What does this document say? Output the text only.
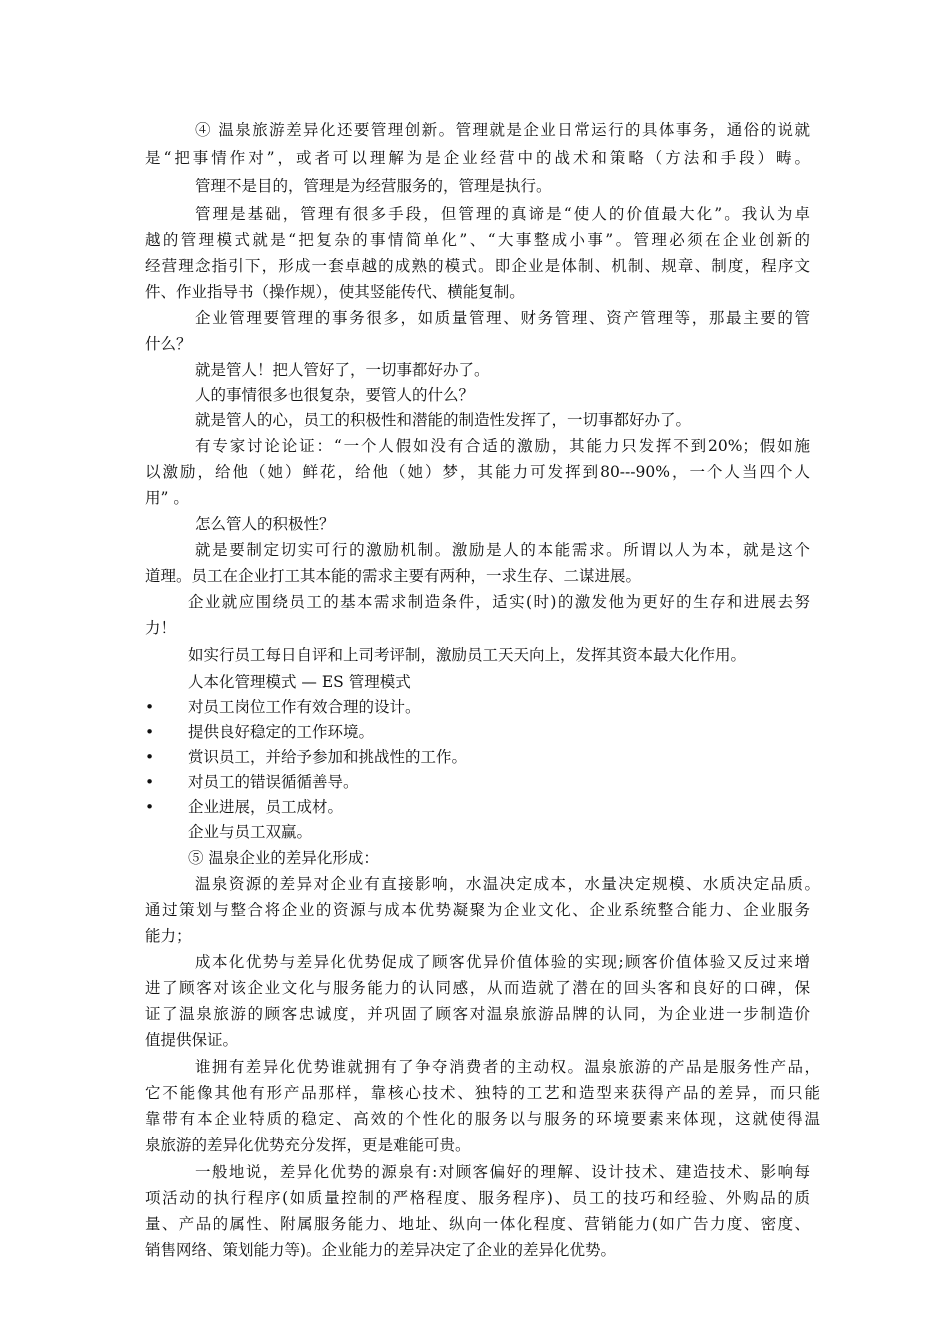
④ 温泉旅游差异化还要管理创新。管理就是企业日常运行的具体事务，通俗的说就
是“把事情作对”，或者可以理解为是企业经营中的战术和策略（方法和手段）畴。
管理不是目的，管理是为经营服务的，管理是执行。
管理是基础，管理有很多手段，但管理的真谛是“使人的价值最大化”。我认为卓
越的管理模式就是“把复杂的事情简单化”、“大事整成小事”。管理必须在企业创新的
经营理念指引下，形成一套卓越的成熟的模式。即企业是体制、机制、规章、制度，程序文
件、作业指导书（操作规），使其竖能传代、横能复制。
企业管理要管理的事务很多，如质量管理、财务管理、资产管理等，那最主要的管
什么？
就是管人！把人管好了，一切事都好办了。
人的事情很多也很复杂，要管人的什么？
就是管人的心，员工的积极性和潜能的制造性发挥了，一切事都好办了。
有专家讨论论证：“一个人假如没有合适的激励，其能力只发挥不到20%；假如施
以激励，给他（她）鲜花，给他（她）梦，其能力可发挥到80---90%，一个人当四个人
用” 。
怎么管人的积极性？
就是要制定切实可行的激励机制。激励是人的本能需求。所谓以人为本，就是这个
道理。员工在企业打工其本能的需求主要有两种，一求生存、二谋进展。
企业就应围绕员工的基本需求制造条件，适实(时)的激发他为更好的生存和进展去努
力！
如实行员工每日自评和上司考评制，激励员工天天向上，发挥其资本最大化作用。
人本化管理模式 — ES 管理模式
对员工岗位工作有效合理的设计。
•
提供良好稳定的工作环境。
•
赏识员工，并给予参加和挑战性的工作。
•
对员工的错误循循善导。
•
企业进展，员工成材。
•
企业与员工双赢。
⑤ 温泉企业的差异化形成：
温泉资源的差异对企业有直接影响，水温决定成本，水量决定规模、水质决定品质。
通过策划与整合将企业的资源与成本优势凝聚为企业文化、企业系统整合能力、企业服务
能力；
成本化优势与差异化优势促成了顾客优异价值体验的实现;顾客价值体验又反过来增
进了顾客对该企业文化与服务能力的认同感，从而造就了潜在的回头客和良好的口碑，保
证了温泉旅游的顾客忠诚度，并巩固了顾客对温泉旅游品牌的认同，为企业进一步制造价
值提供保证。
谁拥有差异化优势谁就拥有了争夺消费者的主动权。温泉旅游的产品是服务性产品，
它不能像其他有形产品那样，靠核心技术、独特的工艺和造型来获得产品的差异，而只能
靠带有本企业特质的稳定、高效的个性化的服务以与服务的环境要素来体现，这就使得温
泉旅游的差异化优势充分发挥，更是难能可贵。
一般地说，差异化优势的源泉有:对顾客偏好的理解、设计技术、建造技术、影响每
项活动的执行程序(如质量控制的严格程度、服务程序)、员工的技巧和经验、外购品的质
量、产品的属性、附属服务能力、地址、纵向一体化程度、营销能力(如广告力度、密度、
销售网络、策划能力等)。企业能力的差异决定了企业的差异化优势。
